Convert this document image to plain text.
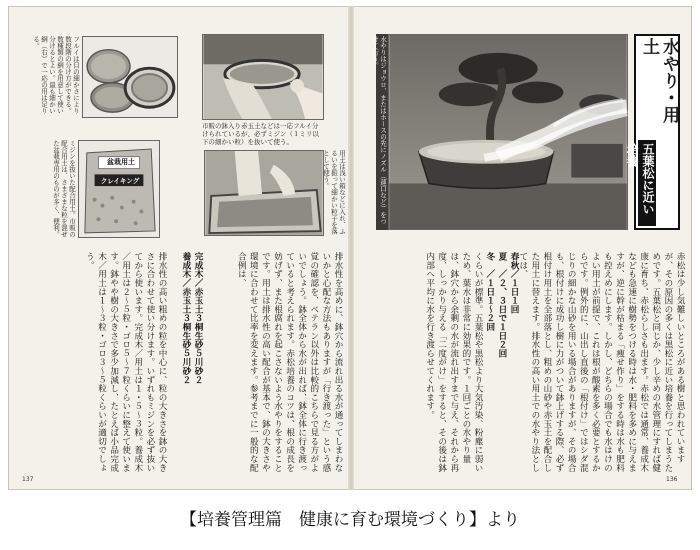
フルイは目の細かさにより数段階の分け方ができる。数種類の網を用意して使い分けるとよい。最も細かい網（右）で一応の用は足りる。
市販の鉢入り赤玉土などは一応フルイ分けられているが、必ずミジン（１ミリ以下の細かい粒）を抜いて使う。
盆栽用土
クレイキング
ミジンを抜いた配合用土。市販の配合用土は、さまざまな粒を混ぜた盆栽専用のものが多く、便利。	用土は浅い箱などに入れ、ふるいを振って細かい粒子を落として使う。
排水性を高めに、鉢穴から流れ出る水が通ってしまわないかと心配な方法もありますが「行き渡った」という感覚の確認を、ベテラン以外は比較的こちらで見る方がよいでしょう。鉢全体から水が出れば、鉢全体に行き渡っていると考えられます。赤松培養のコツは、根の成長を妨げず、また根腐れを起こさないよう水やりをすることです。用土は排水性の高い配合が基本で、鉢の大きさや環境に合わせて比率を変えます。参考までに一般的な配合例は、
完成木／赤玉土３桐生砂５川砂２
養成木／赤玉土３桐生砂５川砂２
排水性の高い粗めの粒を中心に、粒の大きさを鉢の大きさに合わせて使い分けます。いずれもミジンを必ず抜いてから使います。完成木／用土は１・５〜３粒。養成木／用土は２〜５粒・ゴロ５〜７粒くらいに整えて使います。鉢やや樹の大きさで多少加減し、たとえば小品完成木／用土は１〜３粒・ゴロ３〜５粒くらいが適切でしょう。
137
水やりはジョウロ、またはホースの先にノズル（蓮口など）をつけて行う。	水やり・用土
五葉松に近い培養
赤松は少し気難しいところがある樹と思われていますが、その原因の多くは黒松に近い培養を行ってしまうためです。五葉松と同じか、少し辛めの水管理にすれば健康に育ち、赤松らしさも出ます。赤松では通常、養成木なども急速に樹勢をつける時は水・肥料を多めに与えますが、逆に幹が枯まる「痩せ作り」をする時は水も肥料も控えめにします。しかし、どちらの場合でも水はけのよい用土が前提で、これは根が酸素を多く必要とするからです。例外的に、山出し直後の「根付け」ではシダ混じりの細かな山砂を用いる場合がありますが、その場合も、根付けに成功し樹に力がついて鉢上げする際、必ず根付け用土を全部落とし、粗めの山砂や赤玉土を配合した用土に替えます。排水性の高い用土での水やり法としては、
春秋／１日１回
夏　／２、３日で１日２回
冬　／１日１〜２回
くらいが標準。五葉松や黒松より大気汚染、粉塵に弱いため、葉水は非常に効果的です。１回ごとの水やり量は、鉢穴から余剰の水が流れ出すまで与え、それから再度、しっかり与える「二度がけ」をすると、その後は鉢内部へ平均に水を行き渡らせてくれます。
136
【培養管理篇　健康に育む環境づくり】より
